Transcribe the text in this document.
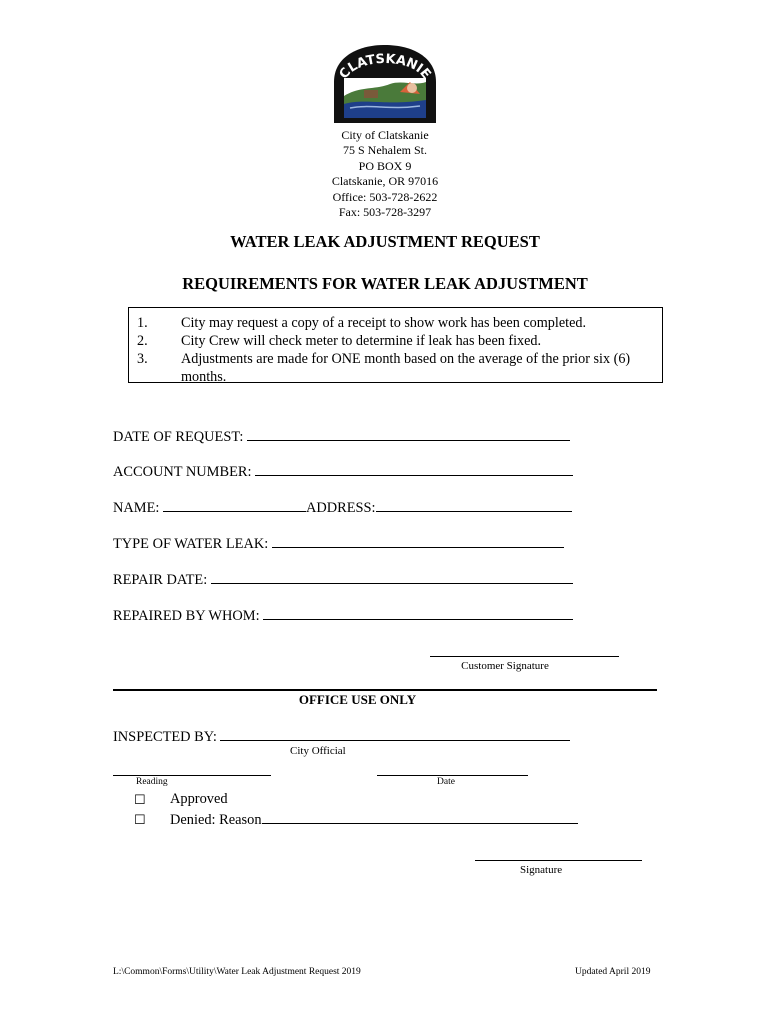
CLATSKANIE
City of Clatskanie
75 S Nehalem St.
PO BOX 9
Clatskanie, OR 97016
Office: 503-728-2622
Fax: 503-728-3297
WATER LEAK ADJUSTMENT REQUEST
REQUIREMENTS FOR WATER LEAK ADJUSTMENT
1. City may request a copy of a receipt to show work has been completed.
2. City Crew will check meter to determine if leak has been fixed.
3. Adjustments are made for ONE month based on the average of the prior six (6) months.
DATE OF REQUEST:
ACCOUNT NUMBER:
NAME:	ADDRESS:
TYPE OF WATER LEAK:
REPAIR DATE:
REPAIRED BY WHOM:
Customer Signature
OFFICE USE ONLY
INSPECTED BY:
City Official
Reading	Date
☐ Approved
☐ Denied: Reason
Signature
L:\Common\Forms\Utility\Water Leak Adjustment Request 2019	Updated April 2019
